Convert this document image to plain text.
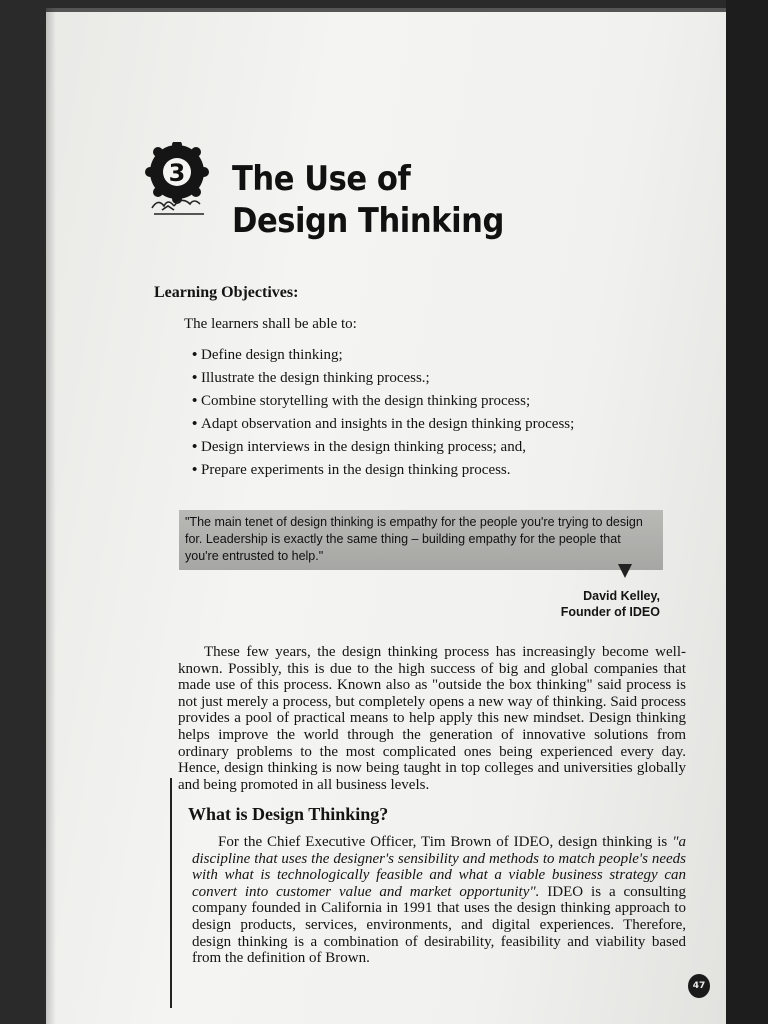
3 The Use of
Design Thinking
Learning Objectives:
The learners shall be able to:
• Define design thinking;
• Illustrate the design thinking process.;
• Combine storytelling with the design thinking process;
• Adapt observation and insights in the design thinking process;
• Design interviews in the design thinking process; and,
• Prepare experiments in the design thinking process.
"The main tenet of design thinking is empathy for the people you're trying to design for. Leadership is exactly the same thing – building empathy for the people that you're entrusted to help."
David Kelley,
Founder of IDEO

These few years, the design thinking process has increasingly become well-known. Possibly, this is due to the high success of big and global companies that made use of this process. Known also as "outside the box thinking" said process is not just merely a process, but completely opens a new way of thinking. Said process provides a pool of practical means to help apply this new mindset. Design thinking helps improve the world through the generation of innovative solutions from ordinary problems to the most complicated ones being experienced every day. Hence, design thinking is now being taught in top colleges and universities globally and being promoted in all business levels.

What is Design Thinking?

For the Chief Executive Officer, Tim Brown of IDEO, design thinking is "a discipline that uses the designer's sensibility and methods to match people's needs with what is technologically feasible and what a viable business strategy can convert into customer value and market opportunity". IDEO is a consulting company founded in California in 1991 that uses the design thinking approach to design products, services, environments, and digital experiences. Therefore, design thinking is a combination of desirability, feasibility and viability based from the definition of Brown.

47
